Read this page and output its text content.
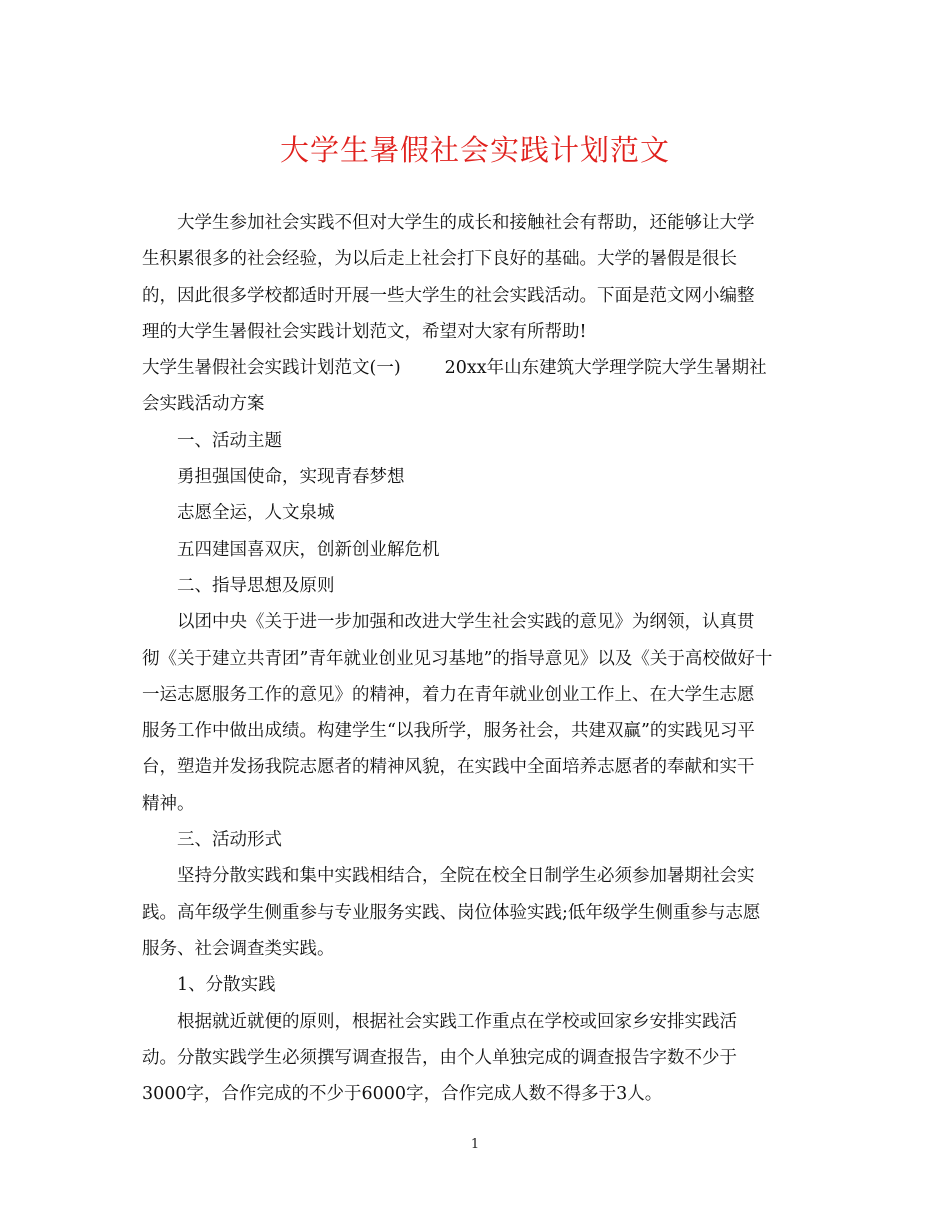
大学生暑假社会实践计划范文
大学生参加社会实践不但对大学生的成长和接触社会有帮助，还能够让大学
生积累很多的社会经验，为以后走上社会打下良好的基础。大学的暑假是很长
的，因此很多学校都适时开展一些大学生的社会实践活动。下面是范文网小编整
理的大学生暑假社会实践计划范文，希望对大家有所帮助!
大学生暑假社会实践计划范文(一)	20xx年山东建筑大学理学院大学生暑期社
会实践活动方案
一、活动主题
勇担强国使命，实现青春梦想
志愿全运，人文泉城
五四建国喜双庆，创新创业解危机
二、指导思想及原则
以团中央《关于进一步加强和改进大学生社会实践的意见》为纲领，认真贯
彻《关于建立共青团”青年就业创业见习基地”的指导意见》以及《关于高校做好十
一运志愿服务工作的意见》的精神，着力在青年就业创业工作上、在大学生志愿
服务工作中做出成绩。构建学生“以我所学，服务社会，共建双赢”的实践见习平
台，塑造并发扬我院志愿者的精神风貌，在实践中全面培养志愿者的奉献和实干
精神。
三、活动形式
坚持分散实践和集中实践相结合，全院在校全日制学生必须参加暑期社会实
践。高年级学生侧重参与专业服务实践、岗位体验实践;低年级学生侧重参与志愿
服务、社会调查类实践。
1、分散实践
根据就近就便的原则，根据社会实践工作重点在学校或回家乡安排实践活
动。分散实践学生必须撰写调查报告，由个人单独完成的调查报告字数不少于
3000字，合作完成的不少于6000字，合作完成人数不得多于3人。
1
